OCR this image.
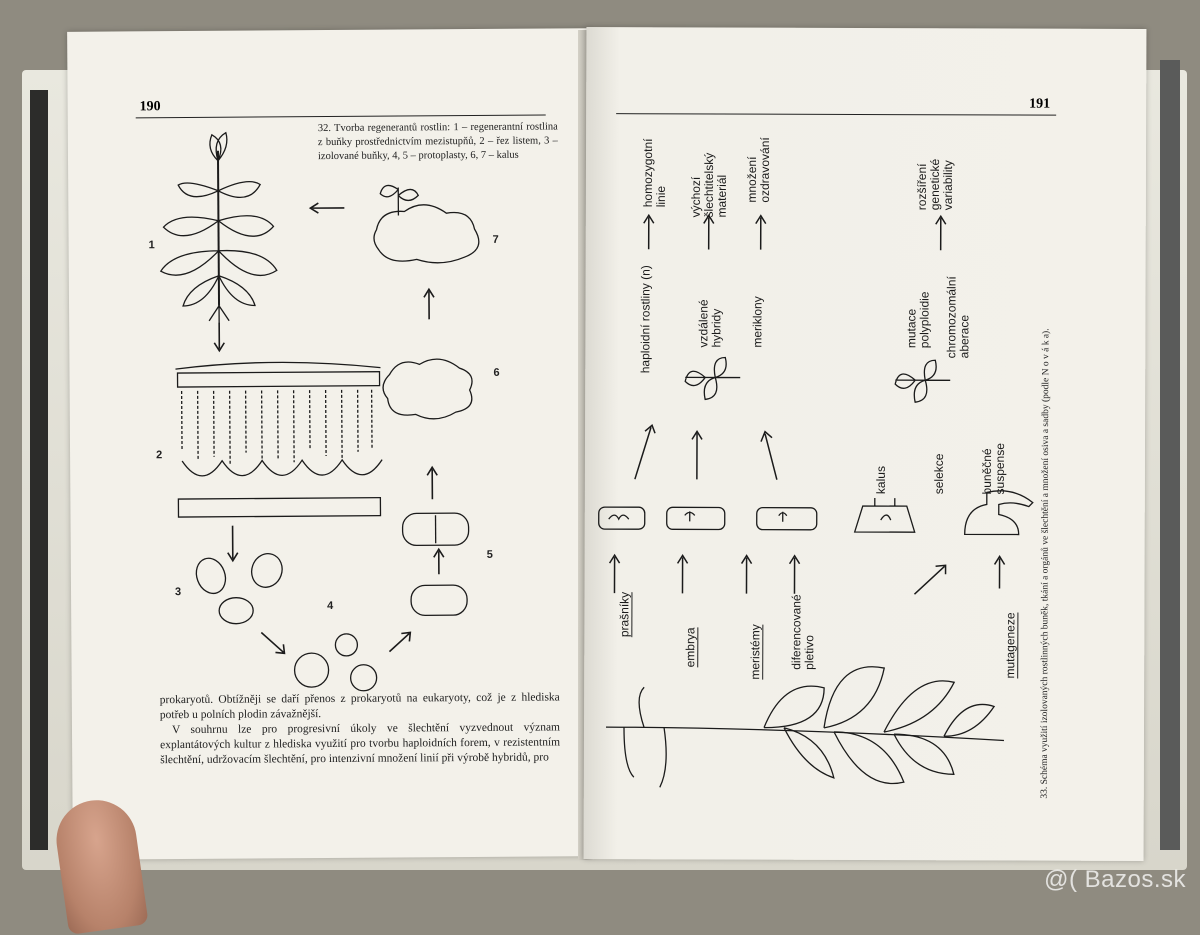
190
32. Tvorba regenerantů rostlin: 1 – regenerantní rostlina z buňky prostřednictvím mezistupňů, 2 – řez listem, 3 – izolované buňky, 4, 5 – protoplasty, 6, 7 – kalus
1
2
3
4
5
6
7

prokaryotů. Obtížněji se daří přenos z prokaryotů na eukaryoty, což je z hlediska potřeb u polních plodin závažnější.

V souhrnu lze pro progresivní úkoly ve šlechtění vyzvednout význam explantátových kultur z hlediska využití pro tvorbu haploidních forem, v rezistentním šlechtění, udržovacím šlechtění, pro intenzivní množení linií při výrobě hybridů, pro

191
prašníky
embrya	meristémy diferencované pletivo	mutageneze
kalus	selekce	buněčné suspense
haploidní rostliny (n)	vzdálené hybridy meriklony	mutace polyploidie chromozomální aberace
homozygotní linie výchozí šlechtitelský materiál množení ozdravování	rozšíření genetické variability
33. Schéma využití izolovaných rostlinných buněk, tkání a orgánů ve šlechtění a množení osiva a sadby (podle N o v á k a).
@( Bazos.sk
